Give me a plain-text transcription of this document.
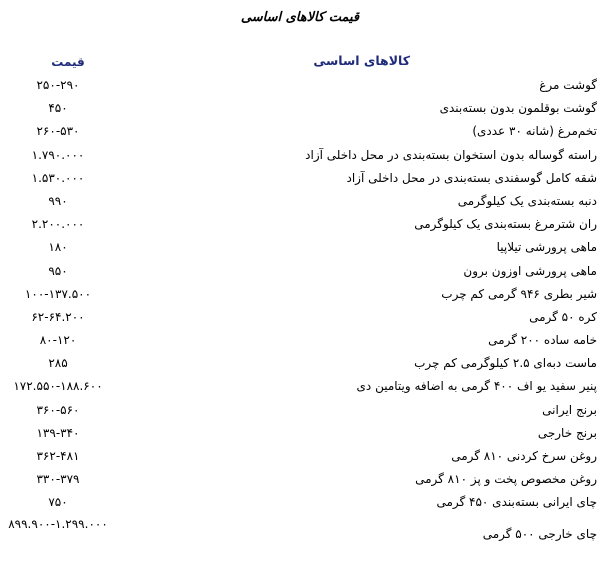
قیمت کالاهای اساسی
کالاهای اساسی
قیمت
گوشت مرغ
۲۵۰-۲۹۰
گوشت بوقلمون بدون بسته‌بندی
۴۵۰
تخم‌مرغ (شانه ۳۰ عددی)
۲۶۰-۵۳۰
راسته گوساله بدون استخوان بسته‌بندی در محل داخلی آزاد
۱.۷۹۰.۰۰۰
شقه کامل گوسفندی بسته‌بندی در محل داخلی آزاد
۱.۵۳۰.۰۰۰
دنبه بسته‌بندی یک کیلوگرمی
۹۹۰
ران شترمرغ بسته‌بندی یک کیلوگرمی
۲.۲۰۰.۰۰۰
ماهی پرورشی تیلاپیا
۱۸۰
ماهی پرورشی اوزون برون
۹۵۰
شیر بطری ۹۴۶ گرمی کم چرب
۱۰۰-۱۳۷.۵۰۰
کره ۵۰ گرمی
۶۲-۶۴.۲۰۰
خامه ساده ۲۰۰ گرمی
۸۰-۱۲۰
ماست دبه‌ای ۲.۵ کیلوگرمی کم چرب
۲۸۵
پنیر سفید یو اف ۴۰۰ گرمی به اضافه ویتامین دی
۱۷۲.۵۵۰-۱۸۸.۶۰۰
برنج ایرانی
۳۶۰-۵۶۰
برنج خارجی
۱۳۹-۳۴۰
روغن سرخ کردنی ۸۱۰ گرمی
۳۶۲-۴۸۱
روغن مخصوص پخت و پز ۸۱۰ گرمی
۳۳۰-۳۷۹
چای ایرانی بسته‌بندی ۴۵۰ گرمی
۷۵۰
چای خارجی ۵۰۰ گرمی
۸۹۹.۹۰۰-۱.۲۹۹.۰۰۰
